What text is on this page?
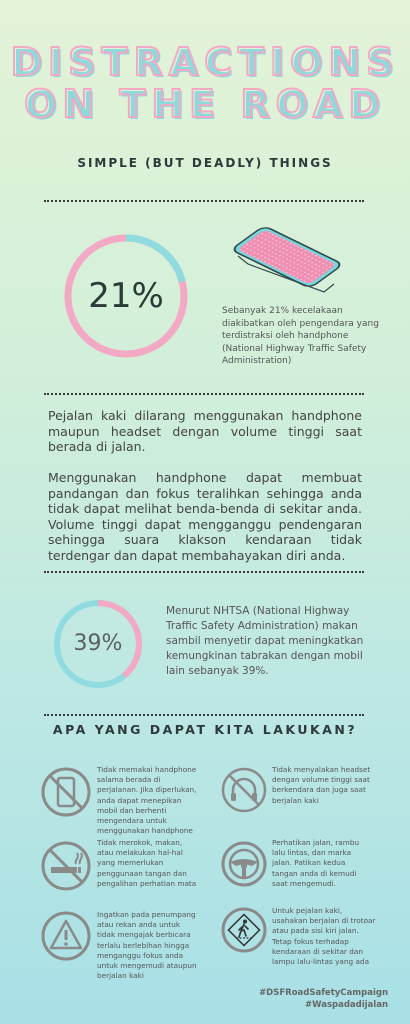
DISTRACTIONS
ON THE ROAD
SIMPLE (BUT DEADLY) THINGS
21%	Sebanyak 21% kecelakaan diakibatkan oleh pengendara yang terdistraksi oleh handphone (National Highway Traffic Safety Administration)
Pejalan kaki dilarang menggunakan handphone maupun headset dengan volume tinggi saat berada di jalan.
Menggunakan handphone dapat membuat pandangan dan fokus teralihkan sehingga anda tidak dapat melihat benda-benda di sekitar anda. Volume tinggi dapat mengganggu pendengaran sehingga suara klakson kendaraan tidak terdengar dan dapat membahayakan diri anda.
39%
Menurut NHTSA (National Highway Traffic Safety Administration) makan sambil menyetir dapat meningkatkan kemungkinan tabrakan dengan mobil lain sebanyak 39%.
APA YANG DAPAT KITA LAKUKAN?
Tidak memakai handphone salama berada di perjalanan. Jika diperlukan, anda dapat menepikan mobil dan berhenti mengendara untuk menggunakan handphone
Tidak menyalakan headset dengan volume tinggi saat berkendara dan juga saat berjalan kaki
Tidak merokok, makan, atau melakukan hal-hal yang memerlukan penggunaan tangan dan pengalihan perhatian mata
Perhatikan jalan, rambu lalu lintas, dan marka jalan. Patikan kedua tangan anda di kemudi saat mengemudi.
Ingatkan pada penumpang atau rekan anda untuk tidak mengajak berbicara terlalu berlebihan hingga menganggu fokus anda untuk mengemudi ataupun berjalan kaki
Untuk pejalan kaki, usahakan berjalan di trotoar atau pada sisi kiri jalan. Tetap fokus terhadap kendaraan di sekitar dan lampu lalu-lintas yang ada
#DSFRoadSafetyCampaign
#Waspadadijalan
